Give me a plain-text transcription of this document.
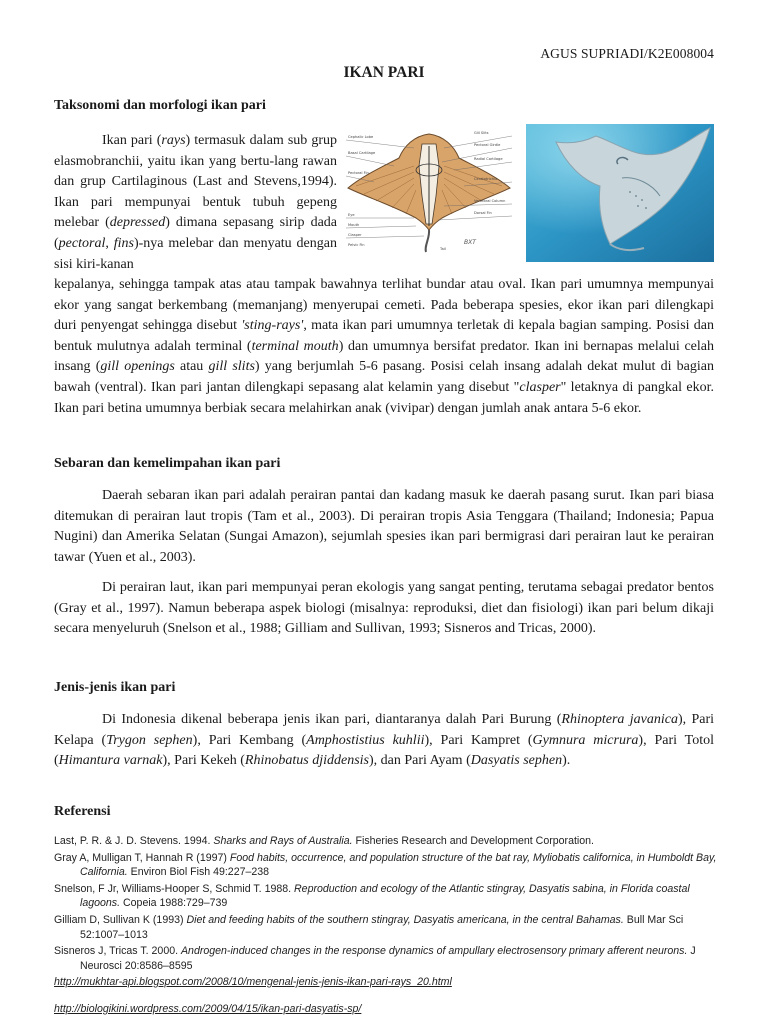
AGUS SUPRIADI/K2E008004
IKAN PARI
Taksonomi dan morfologi ikan pari

Ikan pari (rays) termasuk dalam sub grup elasmobranchii, yaitu ikan yang bertu-lang rawan dan grup Cartilaginous (Last and Stevens,1994). Ikan pari mempunyai bentuk tubuh gepeng melebar (depressed) dimana sepasang sirip dada (pectoral, fins)-nya melebar dan menyatu dengan sisi kiri-kanan

Cephalic Lobe
Basal Cartilage
Pectoral Fin
Eye
Mouth
Clasper
Pelvic Fin
Gill Slits
Pectoral Girdle
Radial Cartilage
Ceratotrichia
Vertebral Column
Dorsal Fin
Tail
BXT

kepalanya, sehingga tampak atas atau tampak bawahnya terlihat bundar atau oval. Ikan pari umumnya mempunyai ekor yang sangat berkembang (memanjang) menyerupai cemeti. Pada beberapa spesies, ekor ikan pari dilengkapi duri penyengat sehingga disebut 'sting-rays', mata ikan pari umumnya terletak di kepala bagian samping. Posisi dan bentuk mulutnya adalah terminal (terminal mouth) dan umumnya bersifat predator. Ikan ini bernapas melalui celah insang (gill openings atau gill slits) yang berjumlah 5-6 pasang. Posisi celah insang adalah dekat mulut di bagian bawah (ventral). Ikan pari jantan dilengkapi sepasang alat kelamin yang disebut "clasper" letaknya di pangkal ekor. Ikan pari betina umumnya berbiak secara melahirkan anak (vivipar) dengan jumlah anak antara 5-6 ekor.

Sebaran dan kemelimpahan ikan pari

Daerah sebaran ikan pari adalah perairan pantai dan kadang masuk ke daerah pasang surut. Ikan pari biasa ditemukan di perairan laut tropis (Tam et al., 2003). Di perairan tropis Asia Tenggara (Thailand; Indonesia; Papua Nugini) dan Amerika Selatan (Sungai Amazon), sejumlah spesies ikan pari bermigrasi dari perairan laut ke perairan tawar (Yuen et al., 2003).

Di perairan laut, ikan pari mempunyai peran ekologis yang sangat penting, terutama sebagai predator bentos (Gray et al., 1997). Namun beberapa aspek biologi (misalnya: reproduksi, diet dan fisiologi) ikan pari belum dikaji secara menyeluruh (Snelson et al., 1988; Gilliam and Sullivan, 1993; Sisneros and Tricas, 2000).

Jenis-jenis ikan pari

Di Indonesia dikenal beberapa jenis ikan pari, diantaranya dalah Pari Burung (Rhinoptera javanica), Pari Kelapa (Trygon sephen), Pari Kembang (Amphostistius kuhlii), Pari Kampret (Gymnura micrura), Pari Totol (Himantura varnak), Pari Kekeh (Rhinobatus djiddensis), dan Pari Ayam (Dasyatis sephen).

Referensi

Last, P. R. & J. D. Stevens. 1994. Sharks and Rays of Australia. Fisheries Research and Development Corporation.

Gray A, Mulligan T, Hannah R (1997) Food habits, occurrence, and population structure of the bat ray, Myliobatis californica, in Humboldt Bay, California. Environ Biol Fish 49:227–238

Snelson, F Jr, Williams-Hooper S, Schmid T. 1988. Reproduction and ecology of the Atlantic stingray, Dasyatis sabina, in Florida coastal lagoons. Copeia 1988:729–739

Gilliam D, Sullivan K (1993) Diet and feeding habits of the southern stingray, Dasyatis americana, in the central Bahamas. Bull Mar Sci 52:1007–1013

Sisneros J, Tricas T. 2000. Androgen-induced changes in the response dynamics of ampullary electrosensory primary afferent neurons. J Neurosci 20:8586–8595

http://mukhtar-api.blogspot.com/2008/10/mengenal-jenis-jenis-ikan-pari-rays_20.html
http://biologikini.wordpress.com/2009/04/15/ikan-pari-dasyatis-sp/
